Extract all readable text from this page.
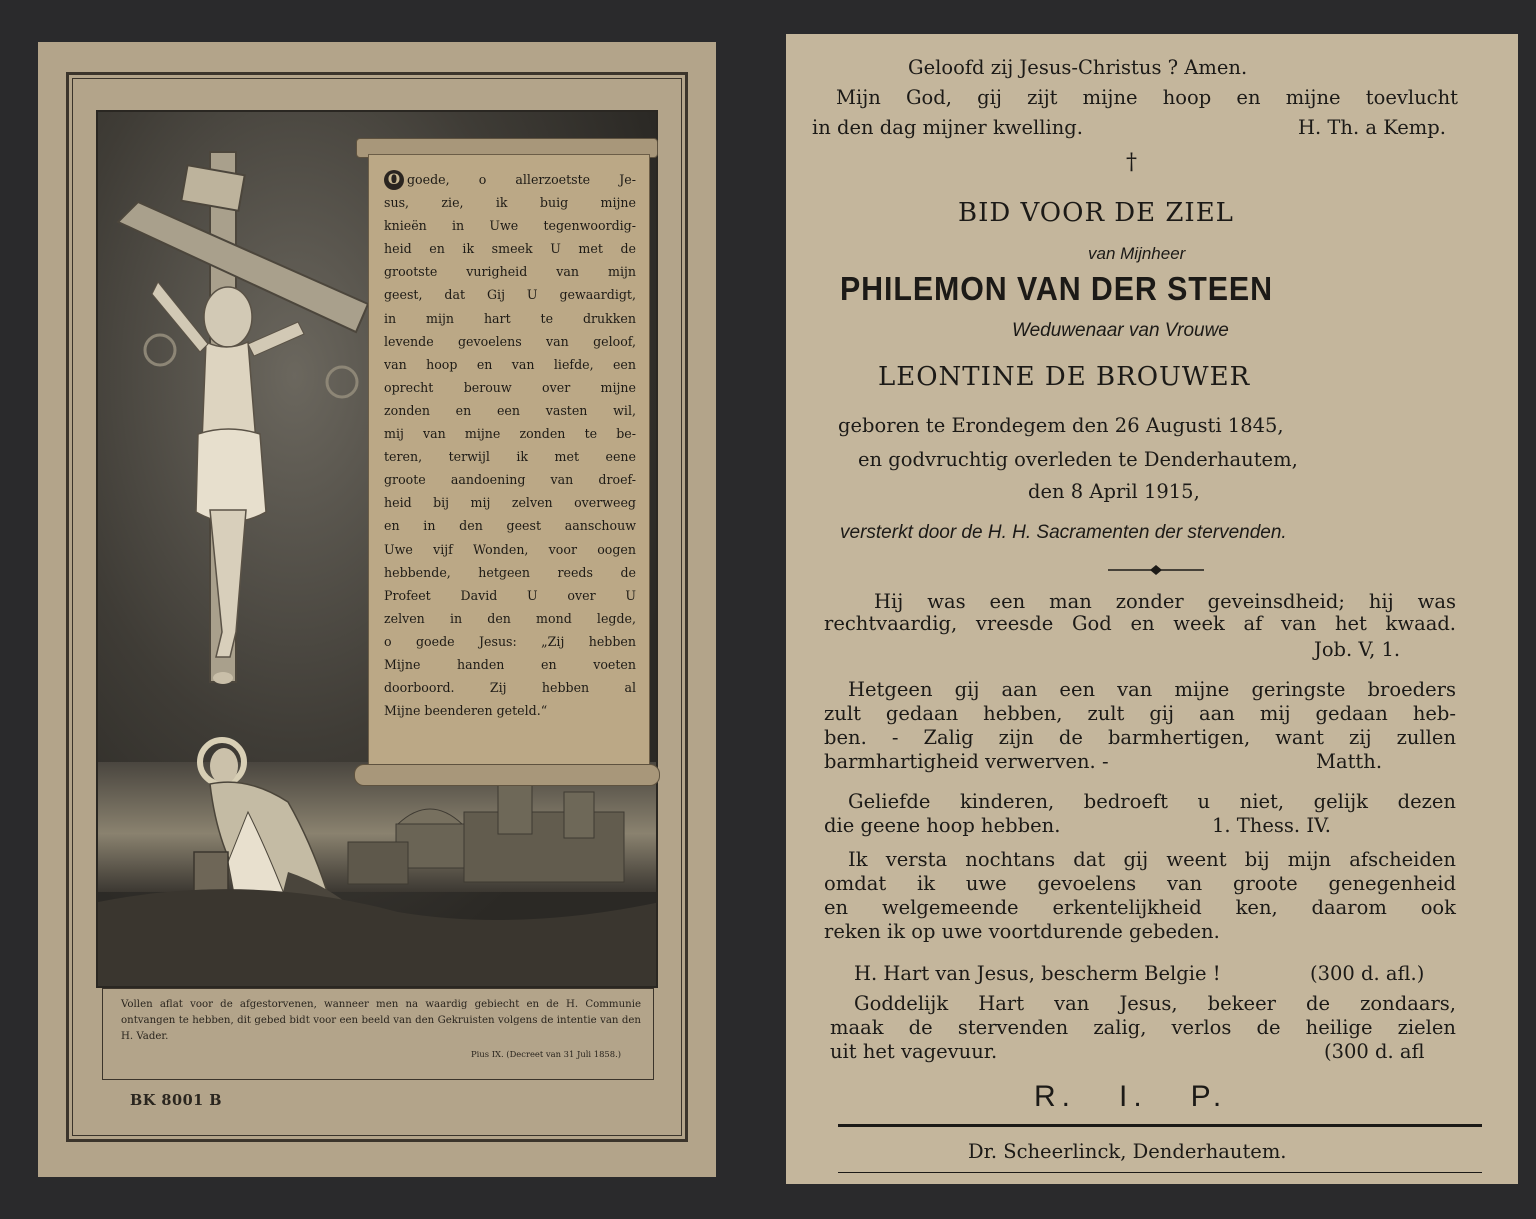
O goede, o allerzoetste Je-
sus, zie, ik buig mijne
knieën in Uwe tegenwoordig-
heid en ik smeek U met de
grootste vurigheid van mijn
geest, dat Gij U gewaardigt,
in mijn hart te drukken
levende gevoelens van geloof,
van hoop en van liefde, een
oprecht berouw over mijne
zonden en een vasten wil,
mij van mijne zonden te be-
teren, terwijl ik met eene
groote aandoening van droef-
heid bij mij zelven overweeg
en in den geest aanschouw
Uwe vijf Wonden, voor oogen
hebbende, hetgeen reeds de
Profeet David U over U
zelven in den mond legde,
o goede Jesus: „Zij hebben
Mijne handen en voeten
doorboord. Zij hebben al
Mijne beenderen geteld.“
Vollen aflat voor de afgestorvenen, wanneer men na waardig gebiecht en de H. Communie ontvangen te hebben, dit gebed bidt voor een beeld van den Gekruisten volgens de intentie van den H. Vader.
Pius IX. (Decreet van 31 Juli 1858.)
BK 8001 B
Geloofd zij Jesus-Christus ? Amen.
Mijn God, gij zijt mijne hoop en mijne toevlucht
in den dag mijner kwelling.	H. Th. a Kemp.
†
BID VOOR DE ZIEL
van Mijnheer
PHILEMON VAN DER STEEN
Weduwenaar van Vrouwe
LEONTINE DE BROUWER
geboren te Erondegem den 26 Augusti 1845,
en godvruchtig overleden te Denderhautem,
den 8 April 1915,
versterkt door de H. H. Sacramenten der stervenden.
Hij was een man zonder geveinsdheid; hij was
rechtvaardig, vreesde God en week af van het kwaad.
Job. V, 1.
Hetgeen gij aan een van mijne geringste broeders
zult gedaan hebben, zult gij aan mij gedaan heb-
ben. - Zalig zijn de barmhertigen, want zij zullen
barmhartigheid verwerven. -	Matth.
Geliefde kinderen, bedroeft u niet, gelijk dezen
die geene hoop hebben.	1. Thess. IV.
Ik versta nochtans dat gij weent bij mijn afscheiden
omdat ik uwe gevoelens van groote genegenheid
en welgemeende erkentelijkheid ken, daarom ook
reken ik op uwe voortdurende gebeden.
H. Hart van Jesus, bescherm Belgie !	(300 d. afl.)
Goddelijk Hart van Jesus, bekeer de zondaars,
maak de stervenden zalig, verlos de heilige zielen
uit het vagevuur.	(300 d. afl
R.   I.   P.
Dr. Scheerlinck, Denderhautem.
